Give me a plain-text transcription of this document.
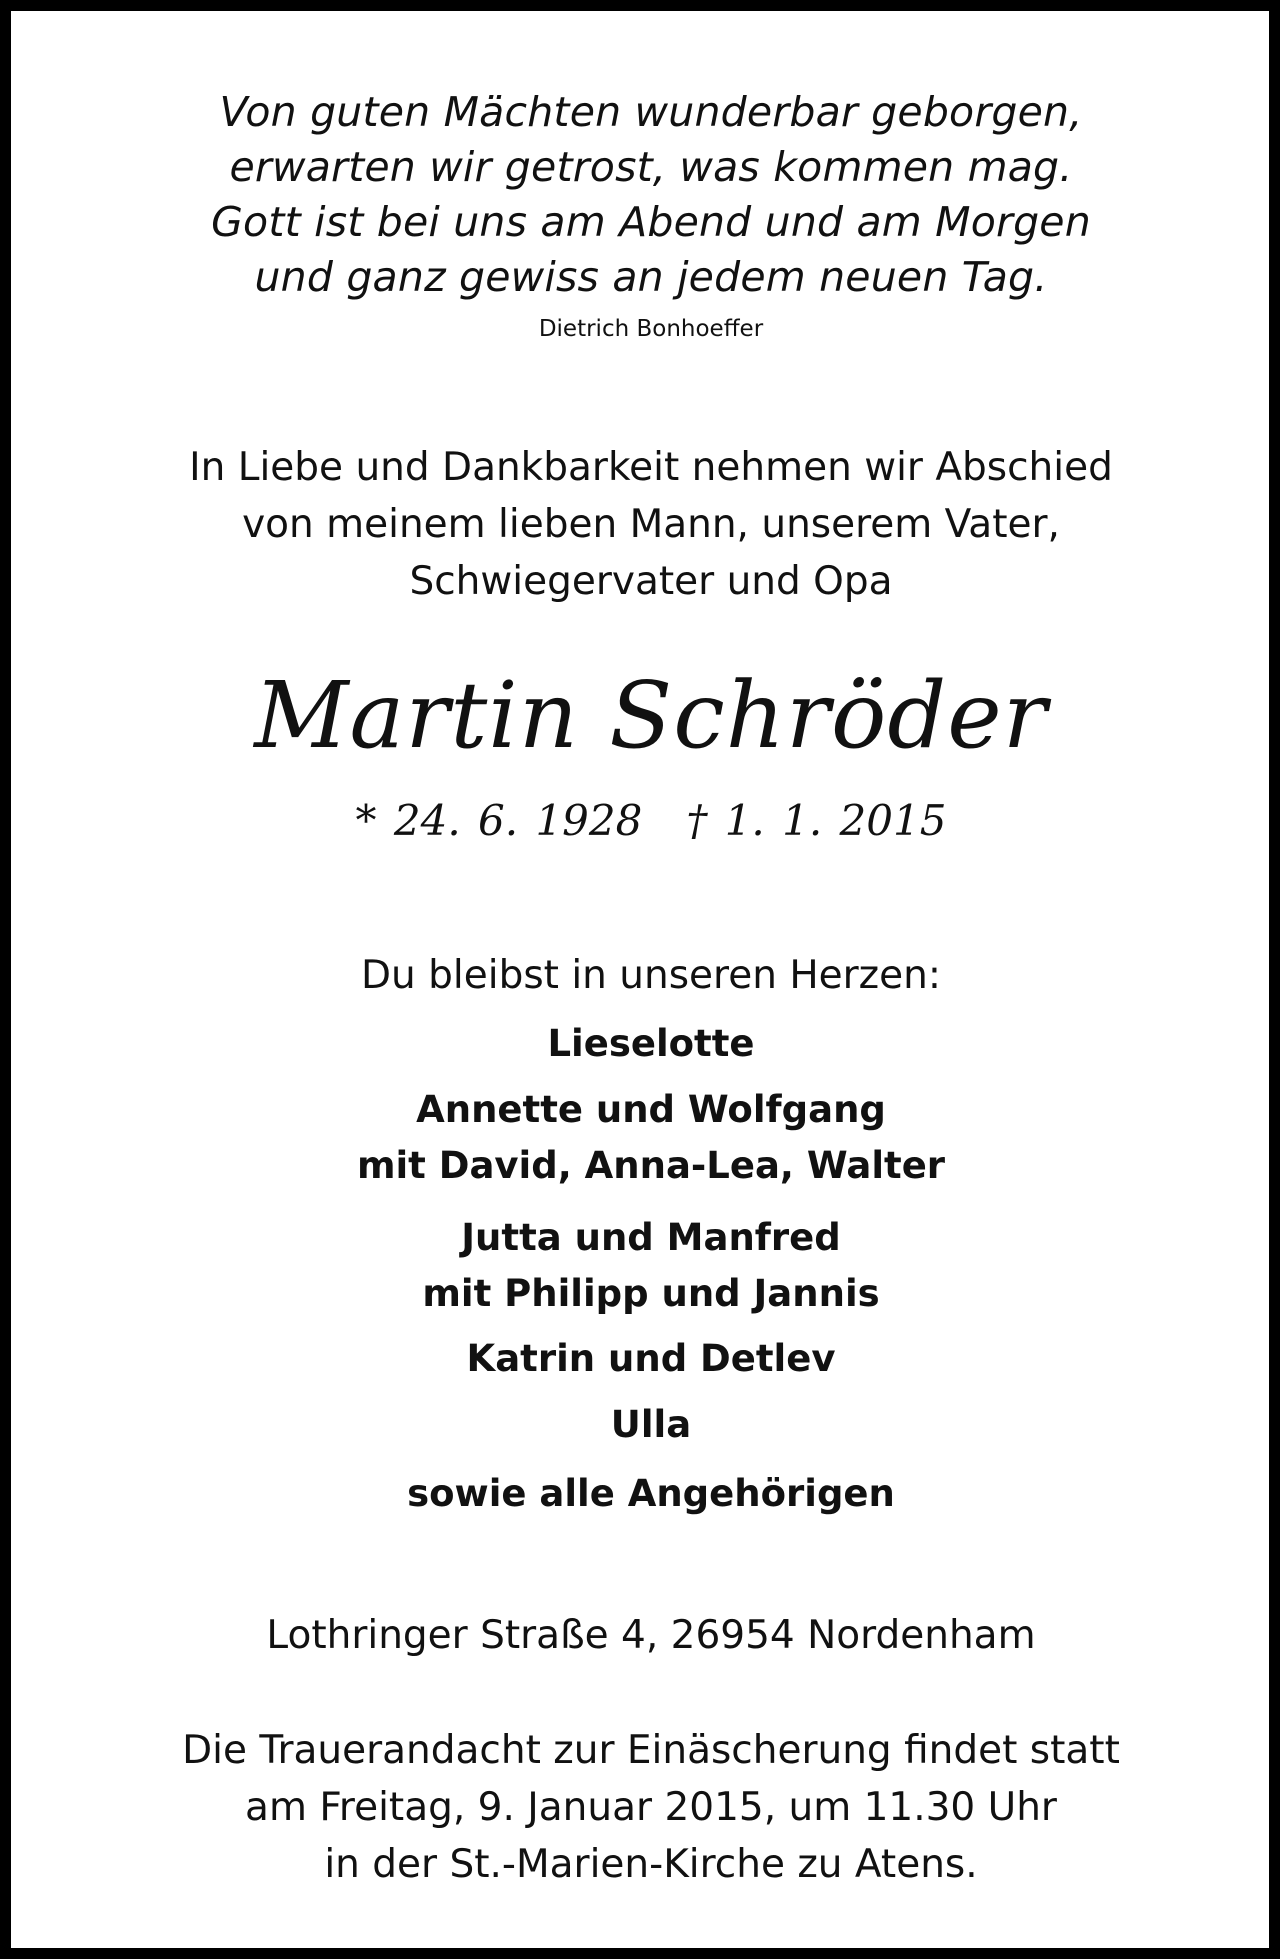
Von guten Mächten wunderbar geborgen,
erwarten wir getrost, was kommen mag.
Gott ist bei uns am Abend und am Morgen
und ganz gewiss an jedem neuen Tag.
Dietrich Bonhoeffer
In Liebe und Dankbarkeit nehmen wir Abschied
von meinem lieben Mann, unserem Vater,
Schwiegervater und Opa
Martin Schröder
* 24. 6. 1928 † 1. 1. 2015
Du bleibst in unseren Herzen:
Lieselotte
Annette und Wolfgang
mit David, Anna-Lea, Walter
Jutta und Manfred
mit Philipp und Jannis
Katrin und Detlev
Ulla
sowie alle Angehörigen
Lothringer Straße 4, 26954 Nordenham
Die Trauerandacht zur Einäscherung findet statt
am Freitag, 9. Januar 2015, um 11.30 Uhr
in der St.-Marien-Kirche zu Atens.
